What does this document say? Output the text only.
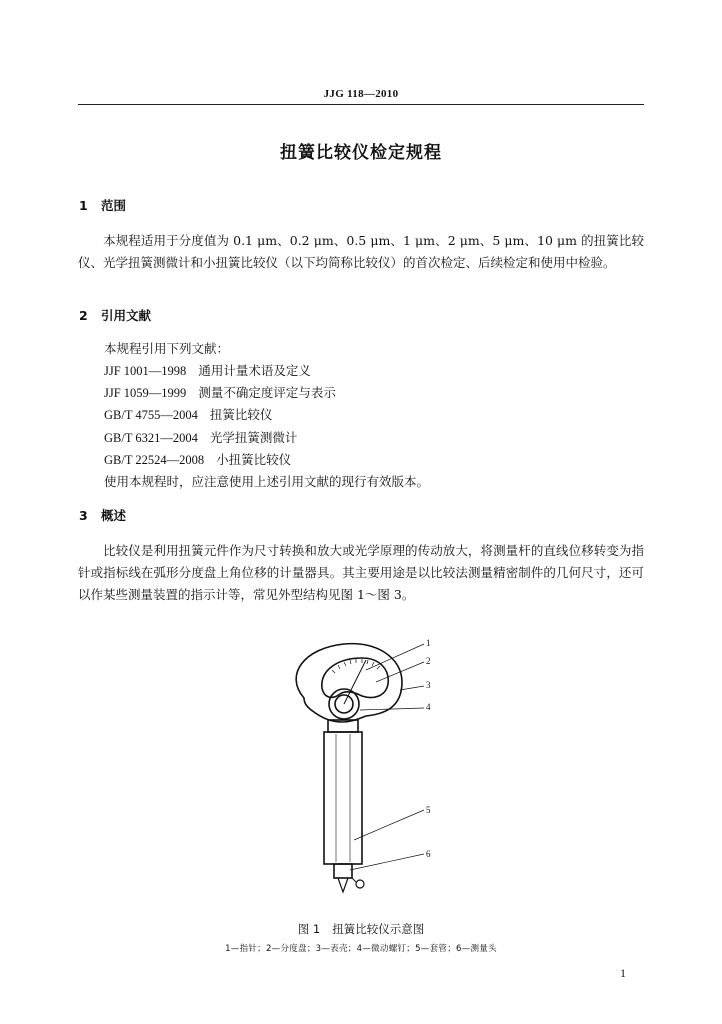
JJG 118—2010
扭簧比较仪检定规程
1 范围

本规程适用于分度值为 0.1 μm、0.2 μm、0.5 μm、1 μm、2 μm、5 μm、10 μm 的扭簧比较仪、光学扭簧测微计和小扭簧比较仪（以下均简称比较仪）的首次检定、后续检定和使用中检验。

2 引用文献
本规程引用下列文献：
JJF 1001—1998 通用计量术语及定义
JJF 1059—1999 测量不确定度评定与表示
GB/T 4755—2004 扭簧比较仪
GB/T 6321—2004 光学扭簧测微计
GB/T 22524—2008 小扭簧比较仪
使用本规程时，应注意使用上述引用文献的现行有效版本。
3 概述

比较仪是利用扭簧元件作为尺寸转换和放大或光学原理的传动放大，将测量杆的直线位移转变为指针或指标线在弧形分度盘上角位移的计量器具。其主要用途是以比较法测量精密制件的几何尺寸，还可以作某些测量装置的指示计等，常见外型结构见图 1～图 3。

1
2
3
4
5
6
图 1 扭簧比较仪示意图
1—指针；2—分度盘；3—表壳；4—微动螺钉；5—套管；6—测量头
1
